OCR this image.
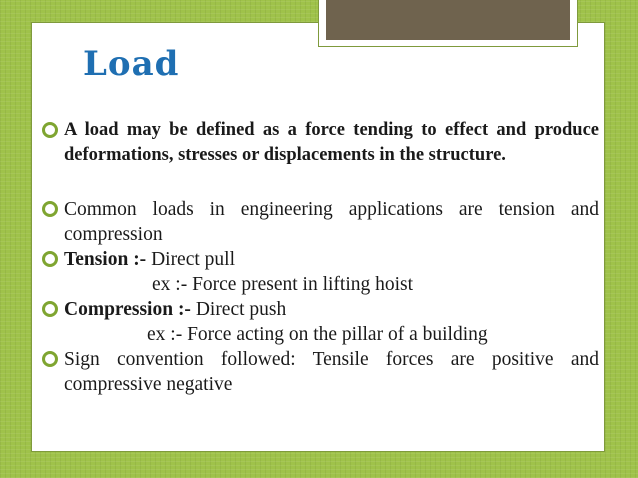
Load
A load may be defined as a force tending to effect and produce deformations, stresses or displacements in the structure.
Common loads in engineering applications are tension and compression
Tension :- Direct pull
ex :- Force present in lifting hoist
Compression :- Direct push
ex :- Force acting on the pillar of a building
Sign convention followed: Tensile forces are positive and compressive negative
